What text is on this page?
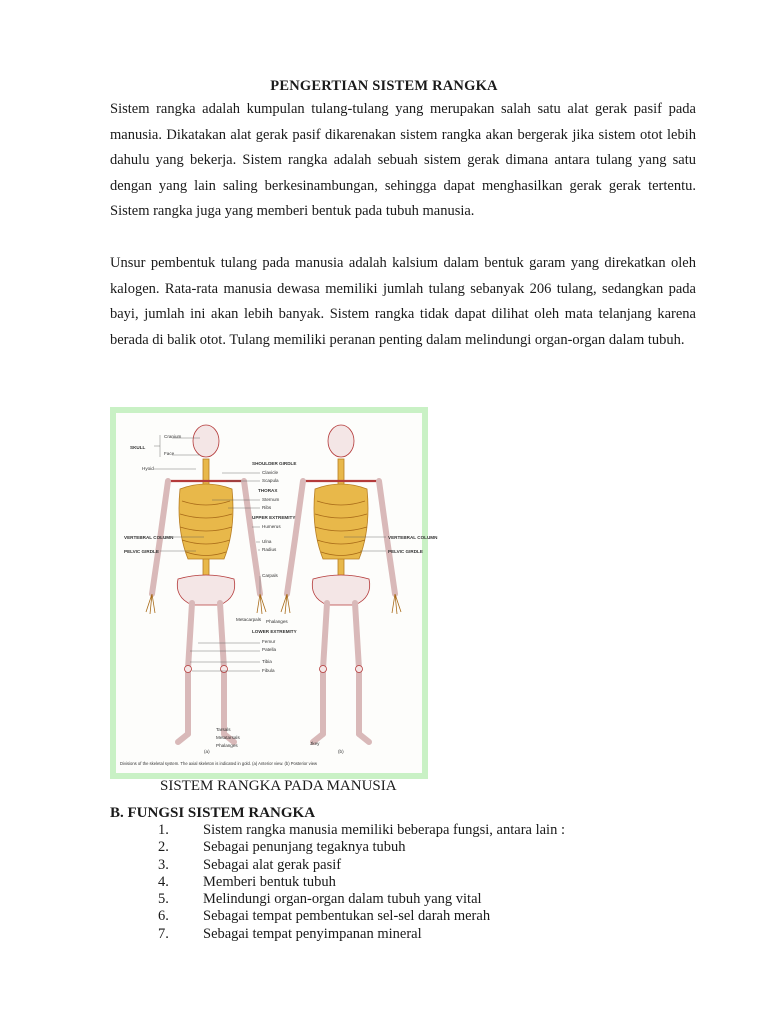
PENGERTIAN SISTEM RANGKA

Sistem rangka adalah kumpulan tulang-tulang yang merupakan salah satu alat gerak pasif pada manusia. Dikatakan alat gerak pasif dikarenakan sistem rangka akan bergerak jika sistem otot lebih dahulu yang bekerja. Sistem rangka adalah sebuah sistem gerak dimana antara tulang yang satu dengan yang lain saling berkesinambungan, sehingga dapat menghasilkan gerak gerak tertentu. Sistem rangka juga yang memberi bentuk pada tubuh manusia.

Unsur pembentuk tulang pada manusia adalah kalsium dalam bentuk garam yang direkatkan oleh kalogen. Rata-rata manusia dewasa memiliki jumlah tulang sebanyak 206 tulang, sedangkan pada bayi, jumlah ini akan lebih banyak. Sistem rangka tidak dapat dilihat oleh mata telanjang karena berada di balik otot. Tulang memiliki peranan penting dalam melindungi organ-organ dalam tubuh.

SKULL
Cranium
Face
Hyoid
VERTEBRAL COLUMN
PELVIC GIRDLE
Metacarpals
Tarsals
Metatarsals
Phalanges
SHOULDER GIRDLE
Clavicle
Scapula
THORAX
Sternum
Ribs
UPPER EXTREMITY
Humerus
Ulna
Radius
Carpals
Phalanges
LOWER EXTREMITY
Femur
Patella
Tibia
Fibula
VERTEBRAL COLUMN
PELVIC GIRDLE
(a)	(b)
Jkey
Divisions of the skeletal system. The axial skeleton is indicated in gold. (a) Anterior view. (b) Posterior view
SISTEM RANGKA PADA MANUSIA
B. FUNGSI SISTEM RANGKA
1. Sistem rangka manusia memiliki beberapa fungsi, antara lain :
2. Sebagai penunjang tegaknya tubuh
3. Sebagai alat gerak pasif
4. Memberi bentuk tubuh
5. Melindungi organ-organ dalam tubuh yang vital
6. Sebagai tempat pembentukan sel-sel darah merah
7. Sebagai tempat penyimpanan mineral
